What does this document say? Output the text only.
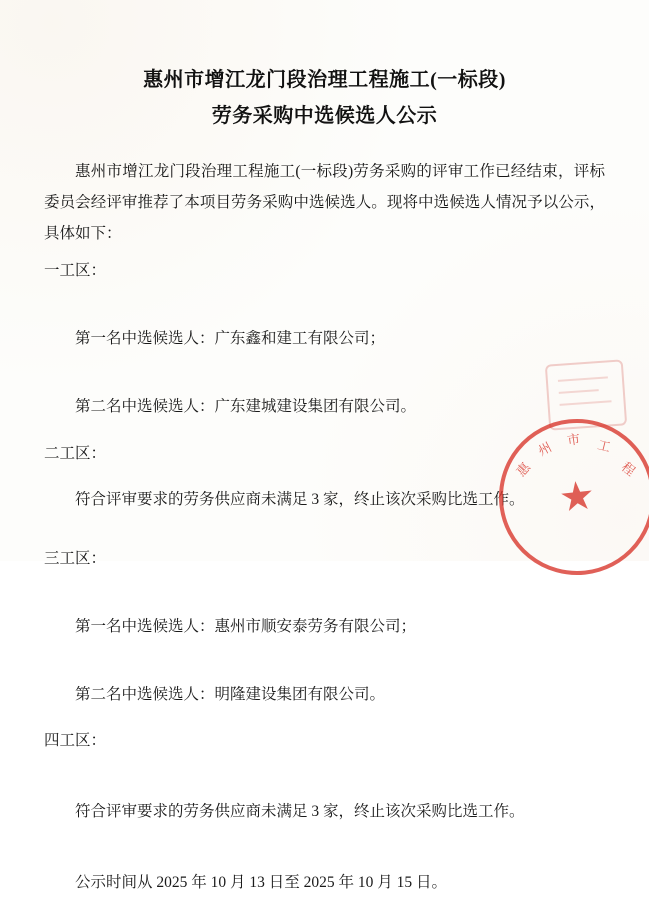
惠州市增江龙门段治理工程施工(一标段)
劳务采购中选候选人公示

惠州市增江龙门段治理工程施工(一标段)劳务采购的评审工作已经结束，评标委员会经评审推荐了本项目劳务采购中选候选人。现将中选候选人情况予以公示，具体如下：

一工区：

第一名中选候选人：广东鑫和建工有限公司；

第二名中选候选人：广东建城建设集团有限公司。

二工区：

符合评审要求的劳务供应商未满足 3 家，终止该次采购比选工作。

三工区：

第一名中选候选人：惠州市顺安泰劳务有限公司；

第二名中选候选人：明隆建设集团有限公司。

四工区：

符合评审要求的劳务供应商未满足 3 家，终止该次采购比选工作。

公示时间从 2025 年 10 月 13 日至 2025 年 10 月 15 日。

惠
州 市 工
程
★
